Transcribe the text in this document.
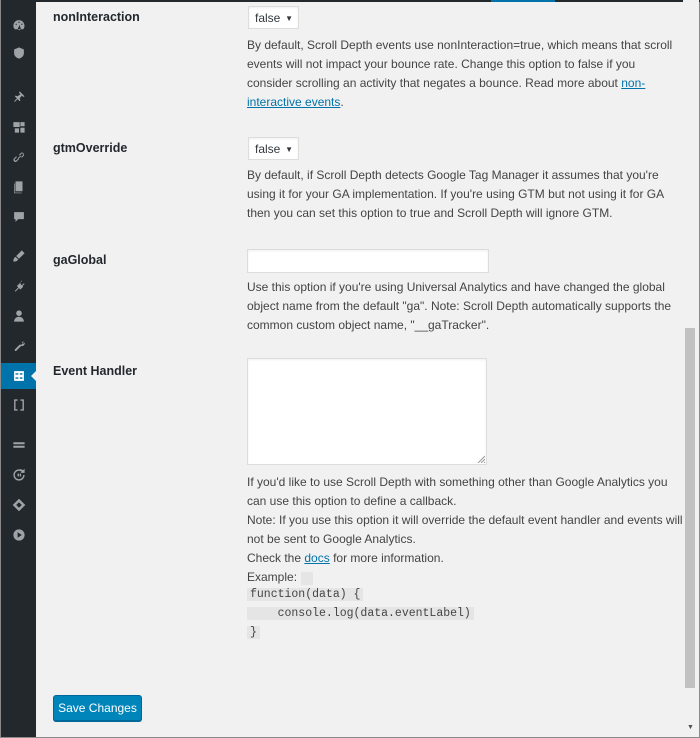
nonInteraction	false ▼
By default, Scroll Depth events use nonInteraction=true, which means that scroll events will not impact your bounce rate. Change this option to false if you consider scrolling an activity that negates a bounce. Read more about non-interactive events.
gtmOverride	false ▼
By default, if Scroll Depth detects Google Tag Manager it assumes that you're using it for your GA implementation. If you're using GTM but not using it for GA then you can set this option to true and Scroll Depth will ignore GTM.
gaGlobal
Use this option if you're using Universal Analytics and have changed the global object name from the default "ga". Note: Scroll Depth automatically supports the common custom object name, "__gaTracker".
Event Handler
If you'd like to use Scroll Depth with something other than Google Analytics you can use this option to define a callback.
Note: If you use this option it will override the default event handler and events will not be sent to Google Analytics.
Check the docs for more information.
Example:
function(data) {
console.log(data.eventLabel)
}
Save Changes
▼
